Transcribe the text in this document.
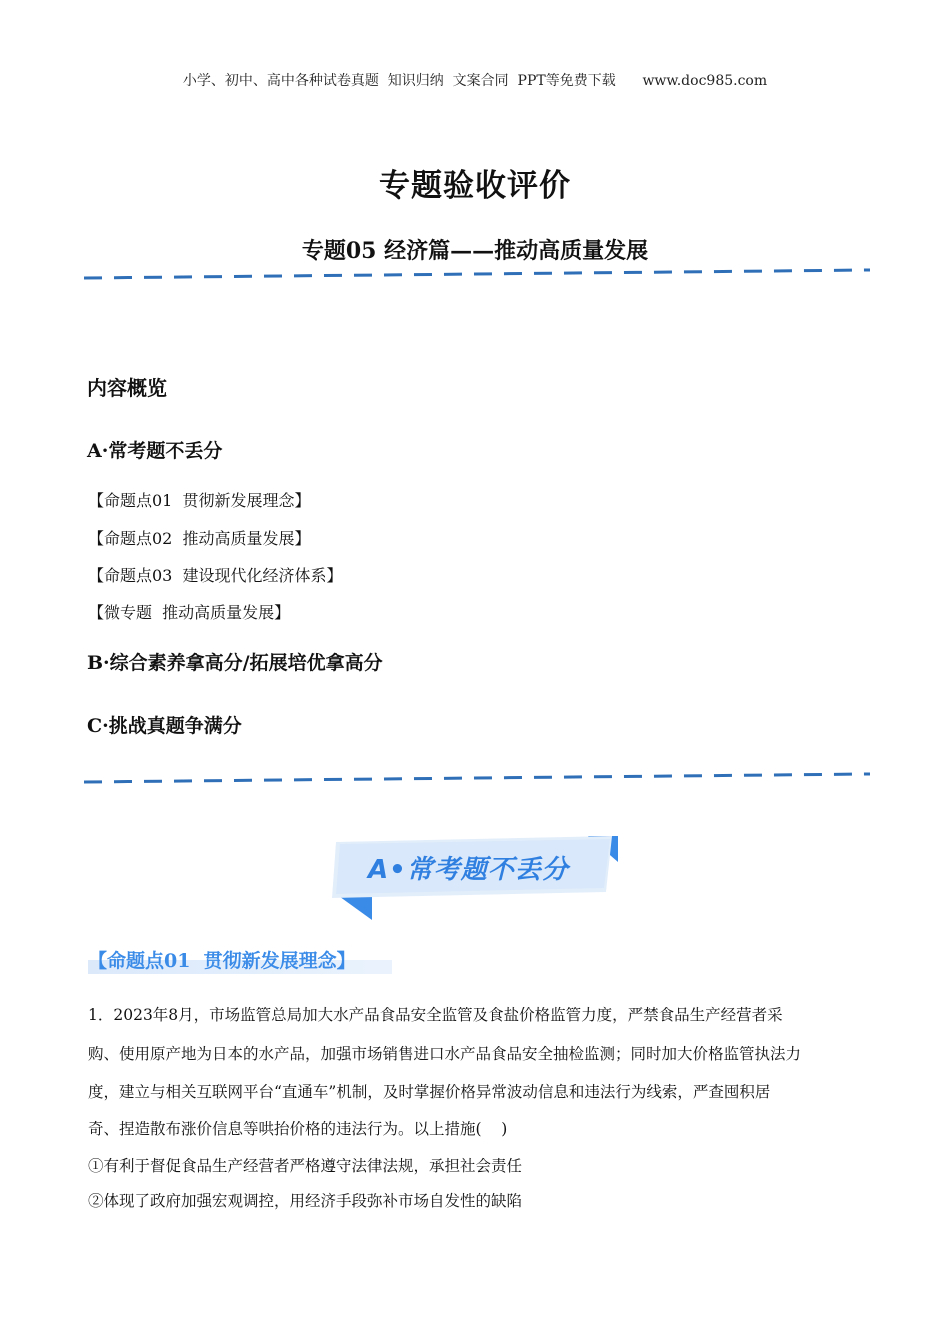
小学、初中、高中各种试卷真题  知识归纳  文案合同  PPT等免费下载      www.doc985.com
专题验收评价
专题05 经济篇——推动高质量发展
内容概览
A·常考题不丢分
【命题点01  贯彻新发展理念】
【命题点02  推动高质量发展】
【命题点03  建设现代化经济体系】
【微专题  推动高质量发展】
B·综合素养拿高分/拓展培优拿高分
C·挑战真题争满分
A•常考题不丢分
【命题点01  贯彻新发展理念】
1．2023年8月，市场监管总局加大水产品食品安全监管及食盐价格监管力度，严禁食品生产经营者采
购、使用原产地为日本的水产品，加强市场销售进口水产品食品安全抽检监测；同时加大价格监管执法力
度，建立与相关互联网平台“直通车”机制，及时掌握价格异常波动信息和违法行为线索，严查囤积居
奇、捏造散布涨价信息等哄抬价格的违法行为。以上措施(    )
①有利于督促食品生产经营者严格遵守法律法规，承担社会责任
②体现了政府加强宏观调控，用经济手段弥补市场自发性的缺陷
